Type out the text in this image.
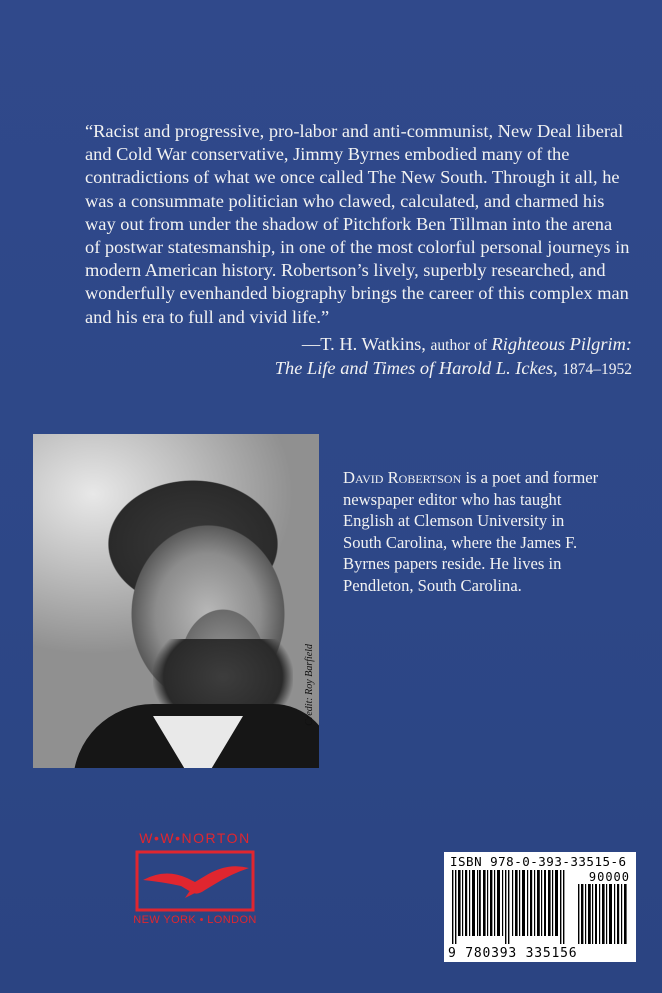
“Racist and progressive, pro-labor and anti-communist, New Deal liberal and Cold War conservative, Jimmy Byrnes embodied many of the contradictions of what we once called The New South. Through it all, he was a consummate politician who clawed, calculated, and charmed his way out from under the shadow of Pitchfork Ben Tillman into the arena of postwar statesmanship, in one of the most colorful personal journeys in modern American history. Robertson’s lively, superbly researched, and wonderfully evenhanded biography brings the career of this complex man and his era to full and vivid life.”

—T. H. Watkins, author of Righteous Pilgrim:
The Life and Times of Harold L. Ickes, 1874–1952
Credit: Roy Barfield
David Robertson is a poet and former newspaper editor who has taught English at Clemson University in South Carolina, where the James F. Byrnes papers reside. He lives in Pendleton, South Carolina.
W•W•NORTON
NEW YORK • LONDON
ISBN 978-0-393-33515-6
90000
9 780393 335156
